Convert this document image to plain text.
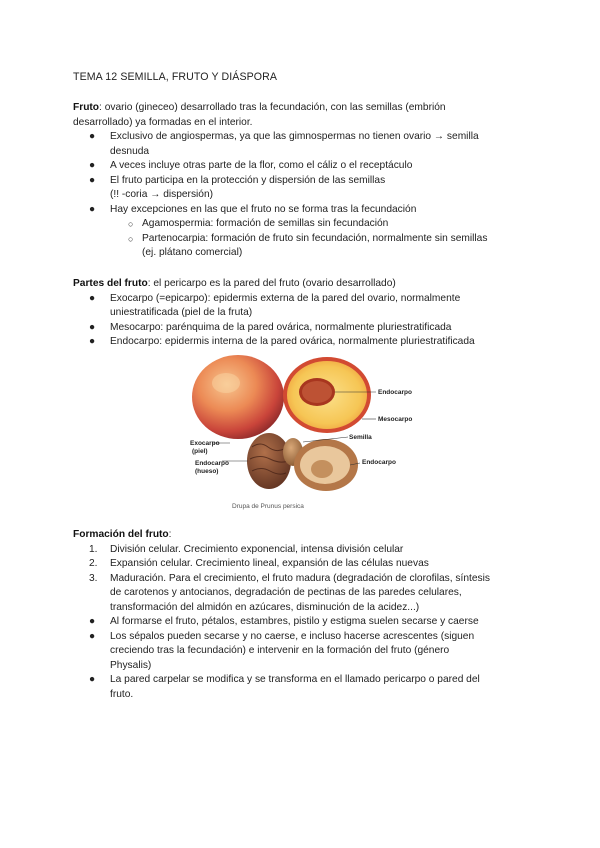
TEMA 12 SEMILLA, FRUTO Y DIÁSPORA
Fruto: ovario (gineceo) desarrollado tras la fecundación, con las semillas (embrión
desarrollado) ya formadas en el interior.
● Exclusivo de angiospermas, ya que las gimnospermas no tienen ovario → semilla
desnuda
● A veces incluye otras parte de la flor, como el cáliz o el receptáculo
● El fruto participa en la protección y dispersión de las semillas
(!! -coria → dispersión)
● Hay excepciones en las que el fruto no se forma tras la fecundación
○ Agamospermia: formación de semillas sin fecundación
○ Partenocarpia: formación de fruto sin fecundación, normalmente sin semillas
(ej. plátano comercial)
Partes del fruto: el pericarpo es la pared del fruto (ovario desarrollado)
● Exocarpo (=epicarpo): epidermis externa de la pared del ovario, normalmente
uniestratificada (piel de la fruta)
● Mesocarpo: parénquima de la pared ovárica, normalmente pluriestratificada
● Endocarpo: epidermis interna de la pared ovárica, normalmente pluriestratificada
Endocarpo
Mesocarpo
Semilla
Exocarpo
(piel)
Endocarpo
(hueso)
Endocarpo
Drupa de Prunus persica
Formación del fruto:
1. División celular. Crecimiento exponencial, intensa división celular
2. Expansión celular. Crecimiento lineal, expansión de las células nuevas
3. Maduración. Para el crecimiento, el fruto madura (degradación de clorofilas, síntesis
de carotenos y antocianos, degradación de pectinas de las paredes celulares,
transformación del almidón en azúcares, disminución de la acidez...)
● Al formarse el fruto, pétalos, estambres, pistilo y estigma suelen secarse y caerse
● Los sépalos pueden secarse y no caerse, e incluso hacerse acrescentes (siguen
creciendo tras la fecundación) e intervenir en la formación del fruto (género
Physalis)
● La pared carpelar se modifica y se transforma en el llamado pericarpo o pared del
fruto.
